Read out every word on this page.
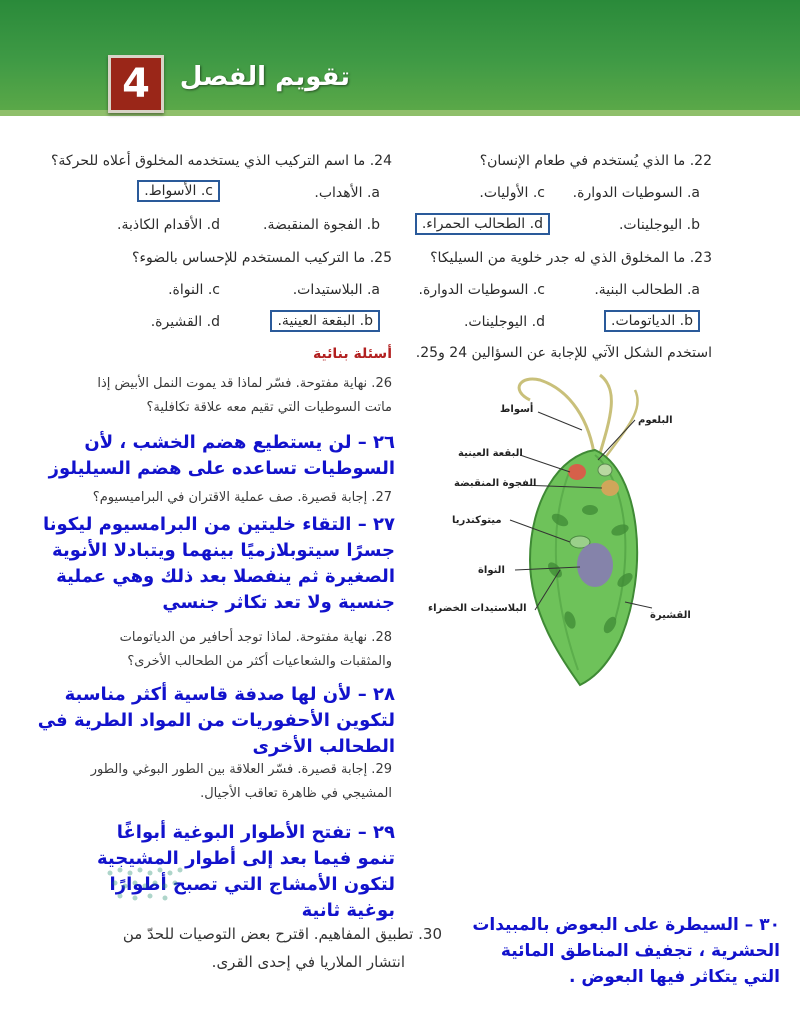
4	تقويم الفصل
22. ما الذي يُستخدم في طعام الإنسان؟
a. السوطيات الدوارة.
c. الأوليات.
b. اليوجلينات.
d. الطحالب الحمراء.
23. ما المخلوق الذي له جدر خلوية من السيليكا؟
a. الطحالب البنية.
c. السوطيات الدوارة.
b. الدياتومات.
d. اليوجلينات.
استخدم الشكل الآتي للإجابة عن السؤالين 24 و25.
24. ما اسم التركيب الذي يستخدمه المخلوق أعلاه للحركة؟
a. الأهداب.
c. الأسواط.
b. الفجوة المنقبضة.
d. الأقدام الكاذبة.
25. ما التركيب المستخدم للإحساس بالضوء؟
a. البلاستيدات.
c. النواة.
b. البقعة العينية.
d. القشيرة.
أسئلة بنائية
26. نهاية مفتوحة. فسّر لماذا قد يموت النمل الأبيض إذا
ماتت السوطيات التي تقيم معه علاقة تكافلية؟
٢٦ – لن يستطيع هضم الخشب ، لأن السوطيات تساعده على هضم السيليلوز
27. إجابة قصيرة. صف عملية الاقتران في البراميسيوم؟
٢٧ – التقاء خليتين من البرامسيوم ليكونا جسرًا سيتوبلازميًا بينهما ويتبادلا الأنوية الصغيرة ثم ينفصلا بعد ذلك وهي عملية جنسية ولا تعد تكاثر جنسي
28. نهاية مفتوحة. لماذا توجد أحافير من الدياتومات
والمثقبات والشعاعيات أكثر من الطحالب الأخرى؟
٢٨ – لأن لها صدفة قاسية أكثر مناسبة لتكوين الأحفوريات من المواد الطرية في الطحالب الأخرى
29. إجابة قصيرة. فسّر العلاقة بين الطور البوغي والطور
المشيجي في ظاهرة تعاقب الأجيال.
٢٩ – تفتح الأطوار البوغية أبواغًا تنمو فيما بعد إلى أطوار المشيجية لتكون الأمشاج التي تصبح أطوارًا بوغية ثانية
30. تطبيق المفاهيم. اقترح بعض التوصيات للحدّ من
انتشار الملاريا في إحدى القرى.
٣٠ – السيطرة على البعوض بالمبيدات الحشرية ، تجفيف المناطق المائية التي يتكاثر فيها البعوض .
أسواط
البلعوم
البقعة العينية
الفجوة المنقبضة
ميتوكندريا
النواة
البلاستيدات الخضراء
القشيرة
